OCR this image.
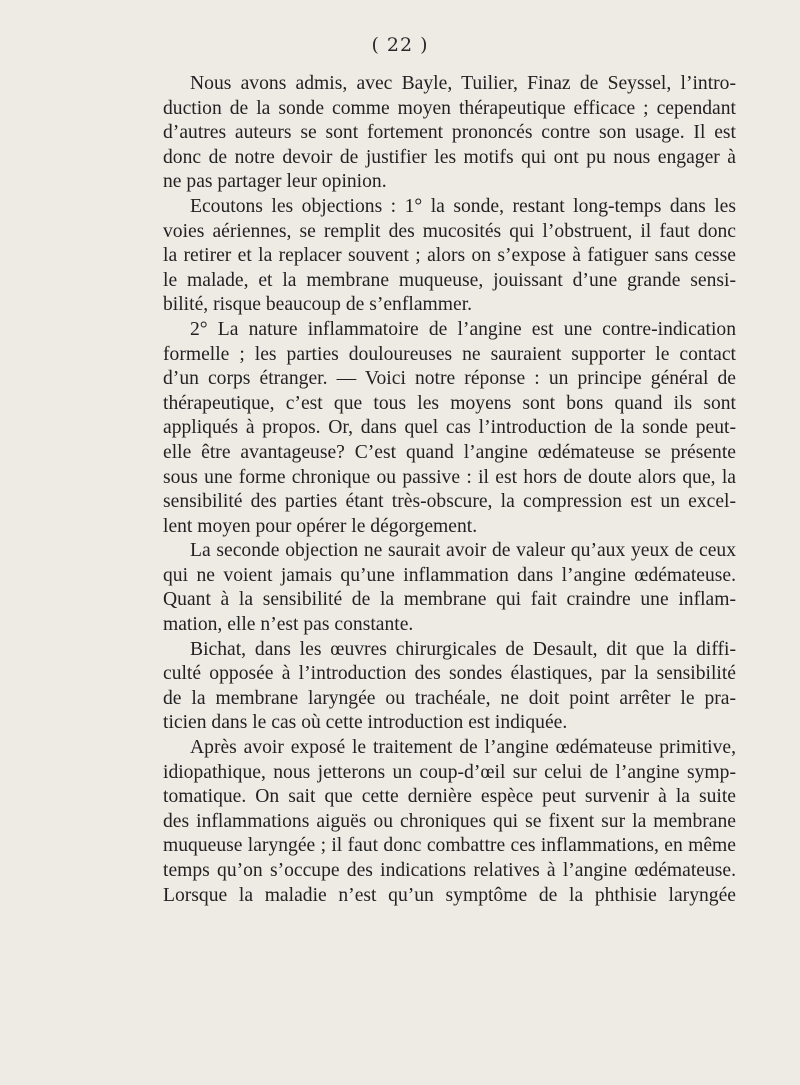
( 22 )
Nous avons admis, avec Bayle, Tuilier, Finaz de Seyssel, l’intro-
duction de la sonde comme moyen thérapeutique efficace ; cependant
d’autres auteurs se sont fortement prononcés contre son usage. Il est
donc de notre devoir de justifier les motifs qui ont pu nous engager à
ne pas partager leur opinion.
Ecoutons les objections : 1° la sonde, restant long-temps dans les
voies aériennes, se remplit des mucosités qui l’obstruent, il faut donc
la retirer et la replacer souvent ; alors on s’expose à fatiguer sans cesse
le malade, et la membrane muqueuse, jouissant d’une grande sensi-
bilité, risque beaucoup de s’enflammer.
2° La nature inflammatoire de l’angine est une contre-indication
formelle ; les parties douloureuses ne sauraient supporter le contact
d’un corps étranger. — Voici notre réponse : un principe général de
thérapeutique, c’est que tous les moyens sont bons quand ils sont
appliqués à propos. Or, dans quel cas l’introduction de la sonde peut-
elle être avantageuse? C’est quand l’angine œdémateuse se présente
sous une forme chronique ou passive : il est hors de doute alors que, la
sensibilité des parties étant très-obscure, la compression est un excel-
lent moyen pour opérer le dégorgement.
La seconde objection ne saurait avoir de valeur qu’aux yeux de ceux
qui ne voient jamais qu’une inflammation dans l’angine œdémateuse.
Quant à la sensibilité de la membrane qui fait craindre une inflam-
mation, elle n’est pas constante.
Bichat, dans les œuvres chirurgicales de Desault, dit que la diffi-
culté opposée à l’introduction des sondes élastiques, par la sensibilité
de la membrane laryngée ou trachéale, ne doit point arrêter le pra-
ticien dans le cas où cette introduction est indiquée.
Après avoir exposé le traitement de l’angine œdémateuse primitive,
idiopathique, nous jetterons un coup-d’œil sur celui de l’angine symp-
tomatique. On sait que cette dernière espèce peut survenir à la suite
des inflammations aiguës ou chroniques qui se fixent sur la membrane
muqueuse laryngée ; il faut donc combattre ces inflammations, en même
temps qu’on s’occupe des indications relatives à l’angine œdémateuse.
Lorsque la maladie n’est qu’un symptôme de la phthisie laryngée
